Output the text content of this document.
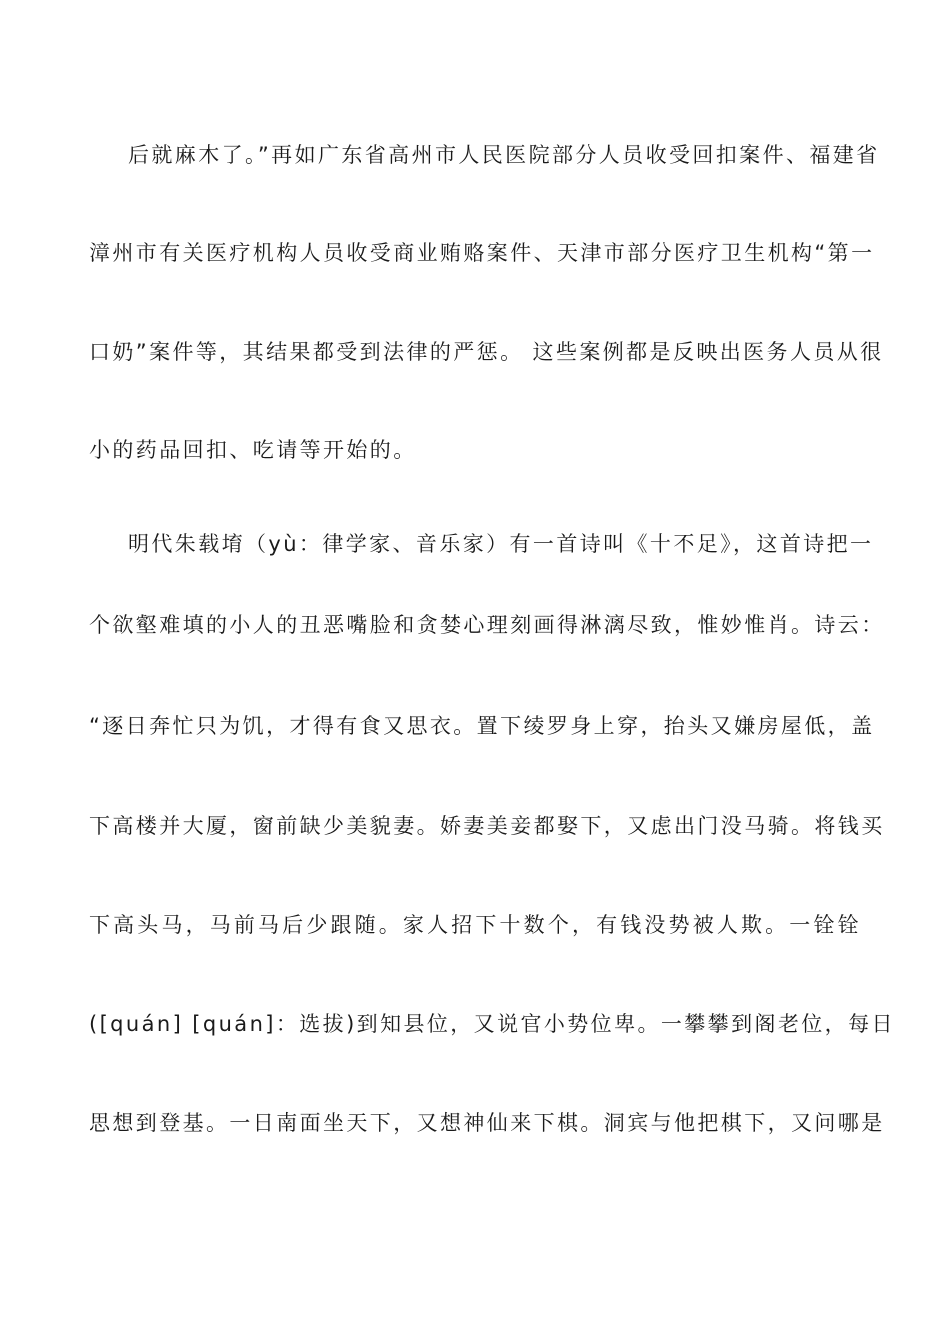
后就麻木了。”再如广东省高州市人民医院部分人员收受回扣案件、福建省
漳州市有关医疗机构人员收受商业贿赂案件、天津市部分医疗卫生机构“第一
口奶”案件等，其结果都受到法律的严惩。 这些案例都是反映出医务人员从很
小的药品回扣、吃请等开始的。
明代朱载堉（yù：律学家、音乐家）有一首诗叫《十不足》，这首诗把一
个欲壑难填的小人的丑恶嘴脸和贪婪心理刻画得淋漓尽致，惟妙惟肖。诗云：
“逐日奔忙只为饥，才得有食又思衣。置下绫罗身上穿，抬头又嫌房屋低，盖
下高楼并大厦，窗前缺少美貌妻。娇妻美妾都娶下，又虑出门没马骑。将钱买
下高头马，马前马后少跟随。家人招下十数个，有钱没势被人欺。一铨铨
([quán] [quán]：选拔)到知县位，又说官小势位卑。一攀攀到阁老位，每日
思想到登基。一日南面坐天下，又想神仙来下棋。洞宾与他把棋下，又问哪是
